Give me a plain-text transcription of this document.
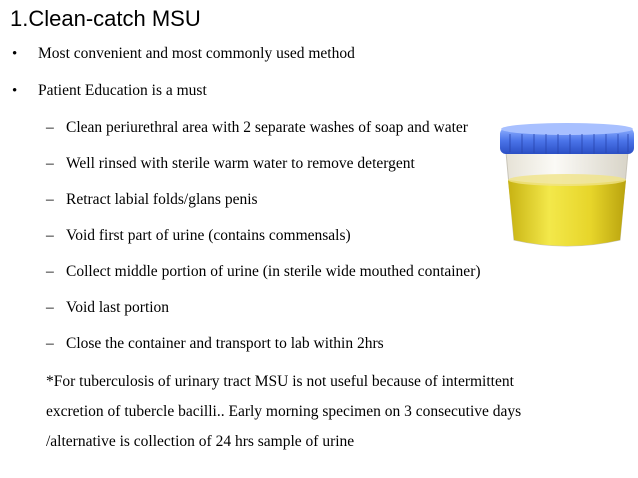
1.Clean-catch MSU
• Most convenient and most commonly used method
• Patient Education is a must
– Clean periurethral area with 2 separate washes of soap and water
– Well rinsed with sterile warm water to remove detergent
– Retract labial folds/glans penis
– Void first part of urine (contains commensals)
– Collect middle portion of urine (in sterile wide mouthed container)
– Void last portion
– Close the container and transport to lab within 2hrs
*For tuberculosis of urinary tract MSU is not useful because of intermittent
excretion of tubercle bacilli.. Early morning specimen on 3 consecutive days
/alternative is collection of 24 hrs sample of urine
